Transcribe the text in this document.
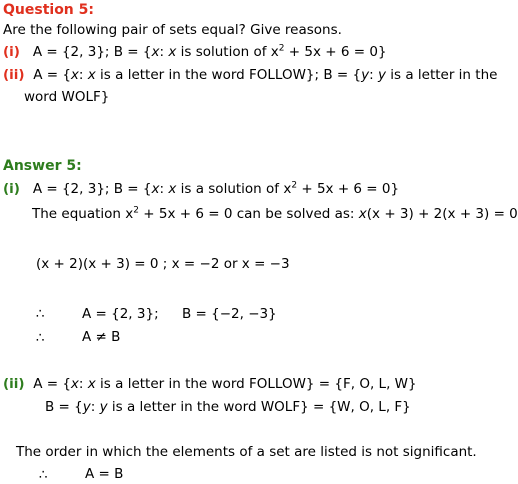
Question 5:
Are the following pair of sets equal? Give reasons.
(i) A = {2, 3}; B = {x: x is solution of $x^2 + 5x + 6 = 0$}
(ii) A = {x: x is a letter in the word FOLLOW}; B = {y: y is a letter in the
word WOLF}
Answer 5:
(i) A = {2, 3}; B = {x: x is a solution of $x^2 + 5x + 6 = 0$}
The equation $x^2 + 5x + 6 = 0$ can be solved as: x(x + 3) + 2(x + 3) = 0
(x + 2)(x + 3) = 0 ; x = −2 or x = −3
∴	A = {2, 3}; B = {−2, −3}
∴	A ≠ B
(ii) A = {x: x is a letter in the word FOLLOW} = {F, O, L, W}
B = {y: y is a letter in the word WOLF} = {W, O, L, F}
The order in which the elements of a set are listed is not significant.
∴	A = B
